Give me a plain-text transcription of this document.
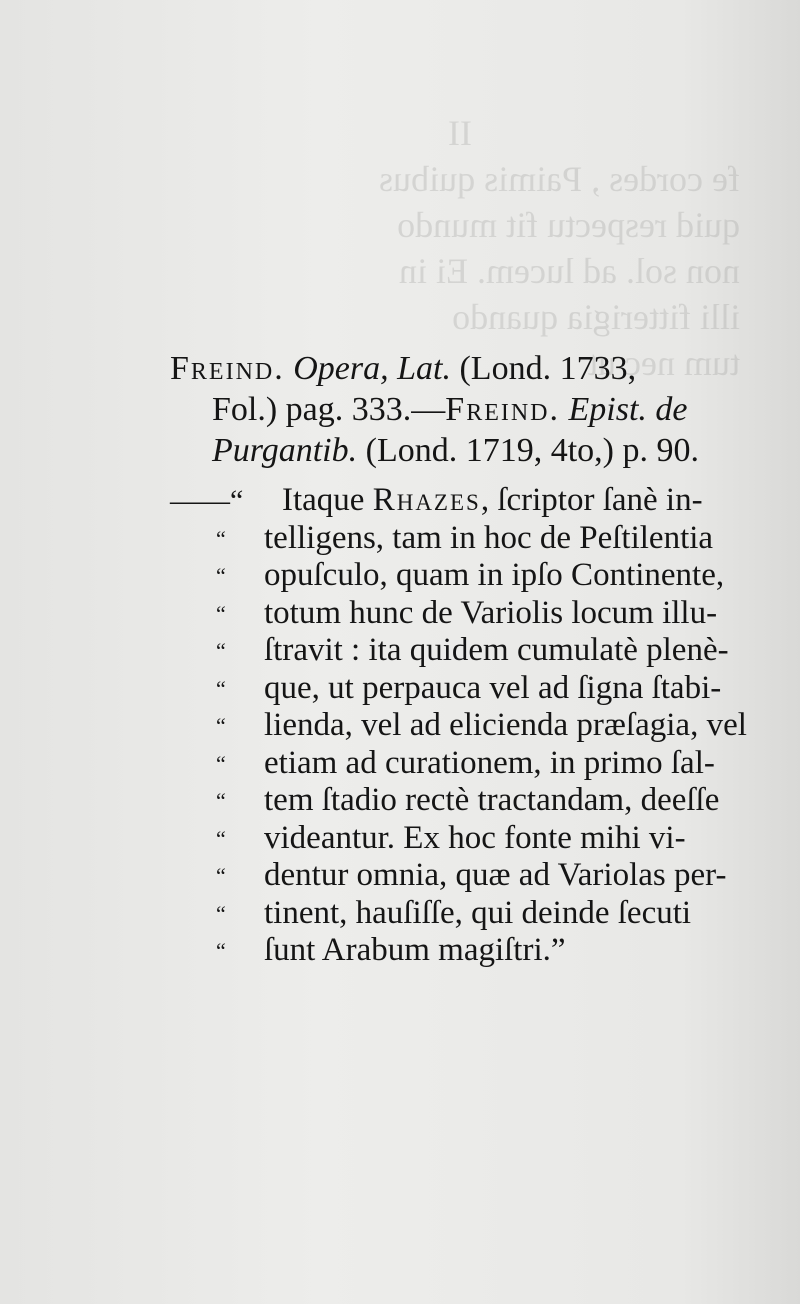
II
fe cordes , Paimis quibus
quid respectu fit mundo
non sol. ad lucem. Ei in
illi fitterigia quando
tum nec ut
Freind. Opera, Lat. (Lond. 1733,
Fol.) pag. 333.—Freind. Epist. de
Purgantib. (Lond. 1719, 4to,) p. 90.
——“	Itaque Rhazes, ſcriptor ſanè in-
“	telligens, tam in hoc de Peſtilentia
“	opuſculo, quam in ipſo Continente,
“	totum hunc de Variolis locum illu-
“	ſtravit : ita quidem cumulatè plenè-
“	que, ut perpauca vel ad ſigna ſtabi-
“	lienda, vel ad elicienda præſagia, vel
“	etiam ad curationem, in primo ſal-
“	tem ſtadio rectè tractandam, deeſſe
“	videantur. Ex hoc fonte mihi vi-
“	dentur omnia, quæ ad Variolas per-
“	tinent, hauſiſſe, qui deinde ſecuti
“	ſunt Arabum magiſtri.”
